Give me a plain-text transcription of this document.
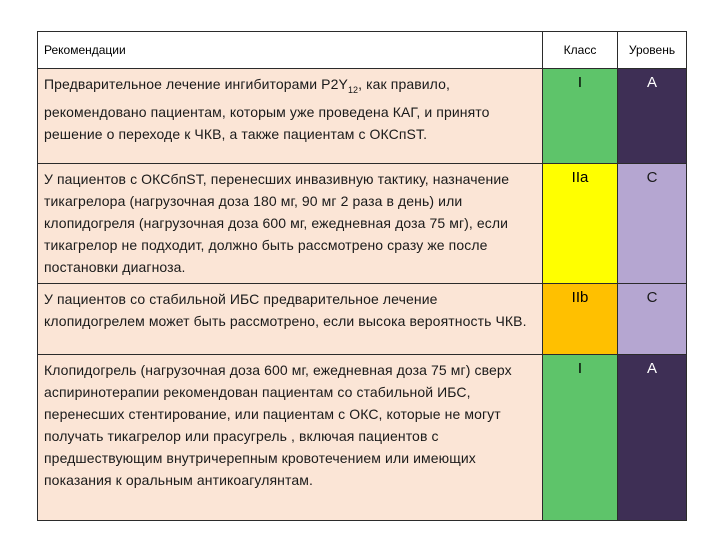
Рекомендации	Класс	Уровень
Предварительное лечение ингибиторами $P2Y_{12}$, как правило, рекомендовано пациентам, которым уже проведена КАГ, и принято решение о переходе к ЧКВ, а также пациентам с ОКСпST.	I	A
У пациентов с ОКСбпST, перенесших инвазивную тактику, назначение тикагрелора (нагрузочная доза 180 мг, 90 мг 2 раза в день) или клопидогреля (нагрузочная доза 600 мг, ежедневная доза 75 мг), если тикагрелор не подходит, должно быть рассмотрено сразу же после постановки диагноза.	IIa	C
У пациентов со стабильной ИБС предварительное лечение клопидогрелем может быть рассмотрено, если высока вероятность ЧКВ.	IIb	C
Клопидогрель (нагрузочная доза 600 мг, ежедневная доза 75 мг) сверх аспиринотерапии рекомендован пациентам со стабильной ИБС, перенесших стентирование, или пациентам с ОКС, которые не могут получать тикагрелор или прасугрель , включая пациентов с предшествующим внутричерепным кровотечением или имеющих показания к оральным антикоагулянтам.	I	A
